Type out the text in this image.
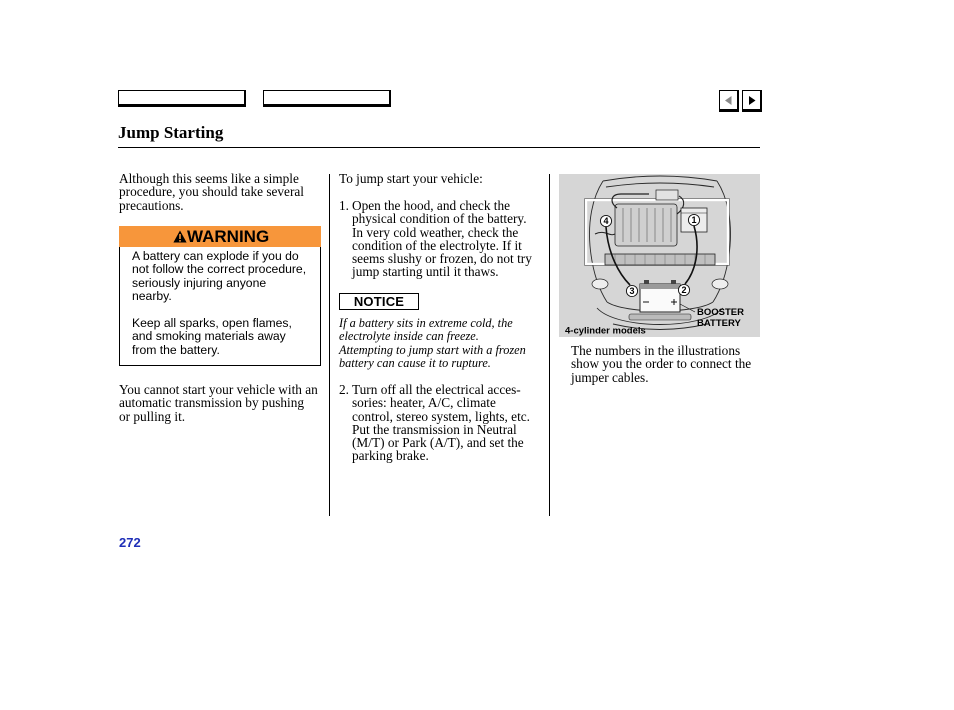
Jump Starting
Although this seems like a simple
procedure, you should take several
precautions.
WARNING
A battery can explode if you do
not follow the correct procedure,
seriously injuring anyone
nearby.
Keep all sparks, open flames,
and smoking materials away
from the battery.
You cannot start your vehicle with an
automatic transmission by pushing
or pulling it.
To jump start your vehicle:
1. Open the hood, and check the
physical condition of the battery.
In very cold weather, check the
condition of the electrolyte. If it
seems slushy or frozen, do not try
jump starting until it thaws.
NOTICE
If a battery sits in extreme cold, the
electrolyte inside can freeze.
Attempting to jump start with a frozen
battery can cause it to rupture.
2. Turn off all the electrical acces-
sories: heater, A/C, climate
control, stereo system, lights, etc.
Put the transmission in Neutral
(M/T) or Park (A/T), and set the
parking brake.
1
2
3
4
BOOSTER
BATTERY
4-cylinder models
The numbers in the illustrations
show you the order to connect the
jumper cables.
272
